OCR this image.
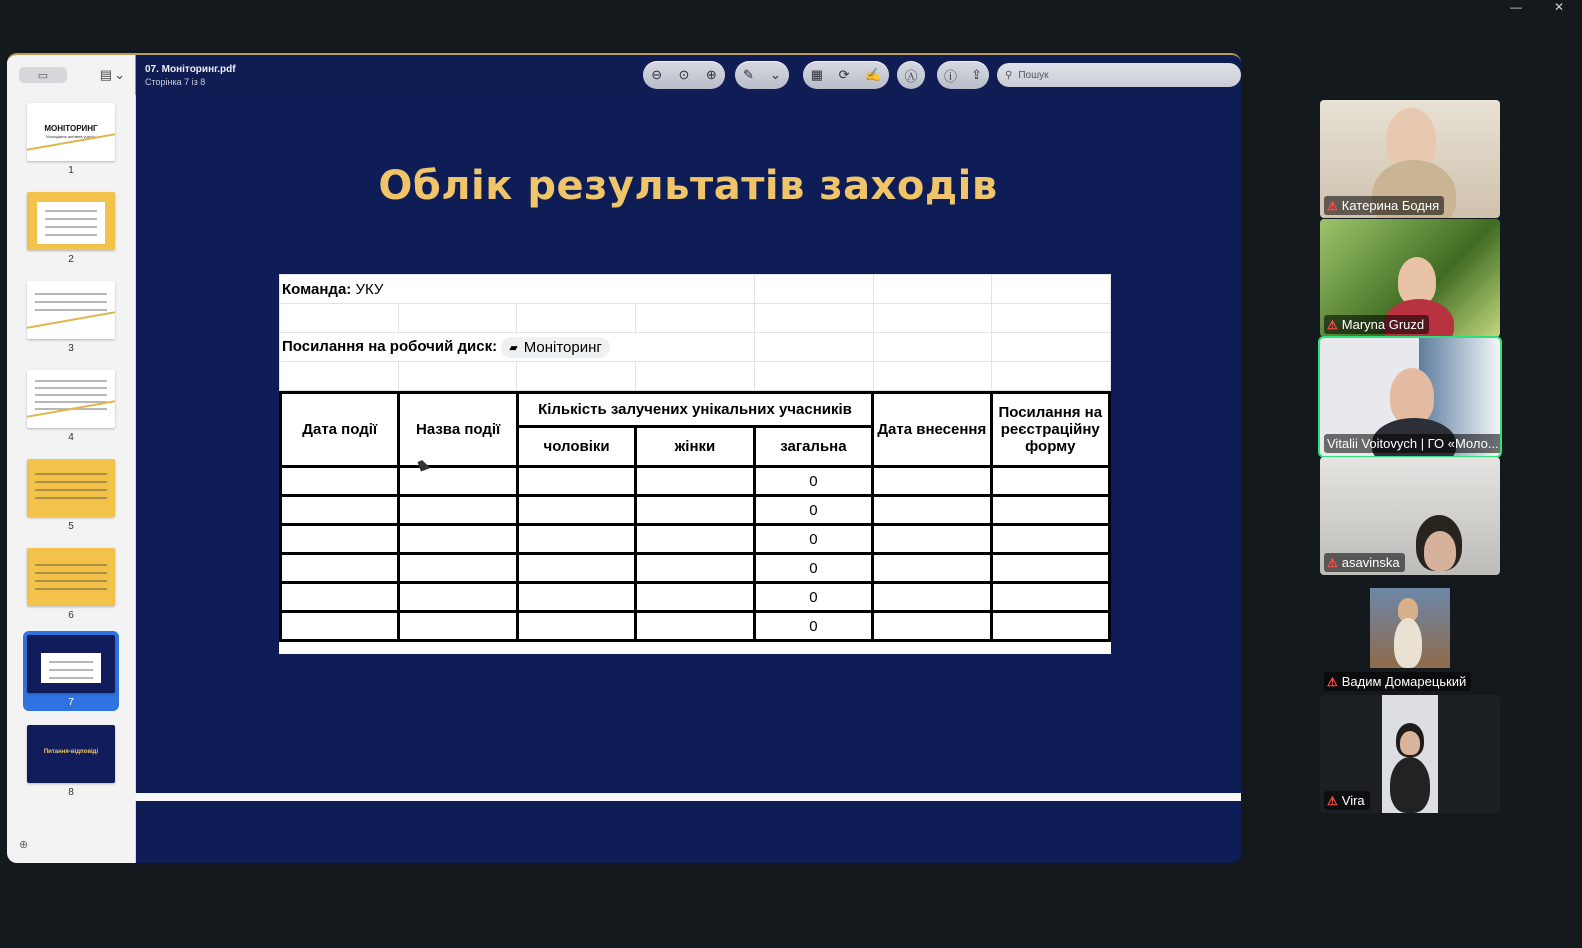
—	✕
▭	▤ ⌄
МОНІТОРИНГ
Молодіжна активна участь
1
2
3
4
5
6
7
Питання-відповіді
8
⊕
07. Моніторинг.pdf
Сторінка 7 із 8	⊖ ⊙ ⊕ ✎ ⌄ ▦ ⟳ ✍ Ⓐ ⓘ ⇪ ⚲ Пошук
Облік результатів заходів
Команда: УКУ						

Посилання на робочий диск: ▰ Моніторинг						

Дата події	Назва події	Кількість залучених унікальних учасників			Дата внесення	Посилання на реєстраційну форму
		чоловіки	жінки	загальна		
				0		
				0		
				0		
				0		
				0		
				0		
⚠ Катерина Бодня
⚠ Maryna Gruzd
Vitalii Voitovych | ГО «Моло...
⚠ asavinska
⚠ Вадим Домарецький
⚠ Vira
